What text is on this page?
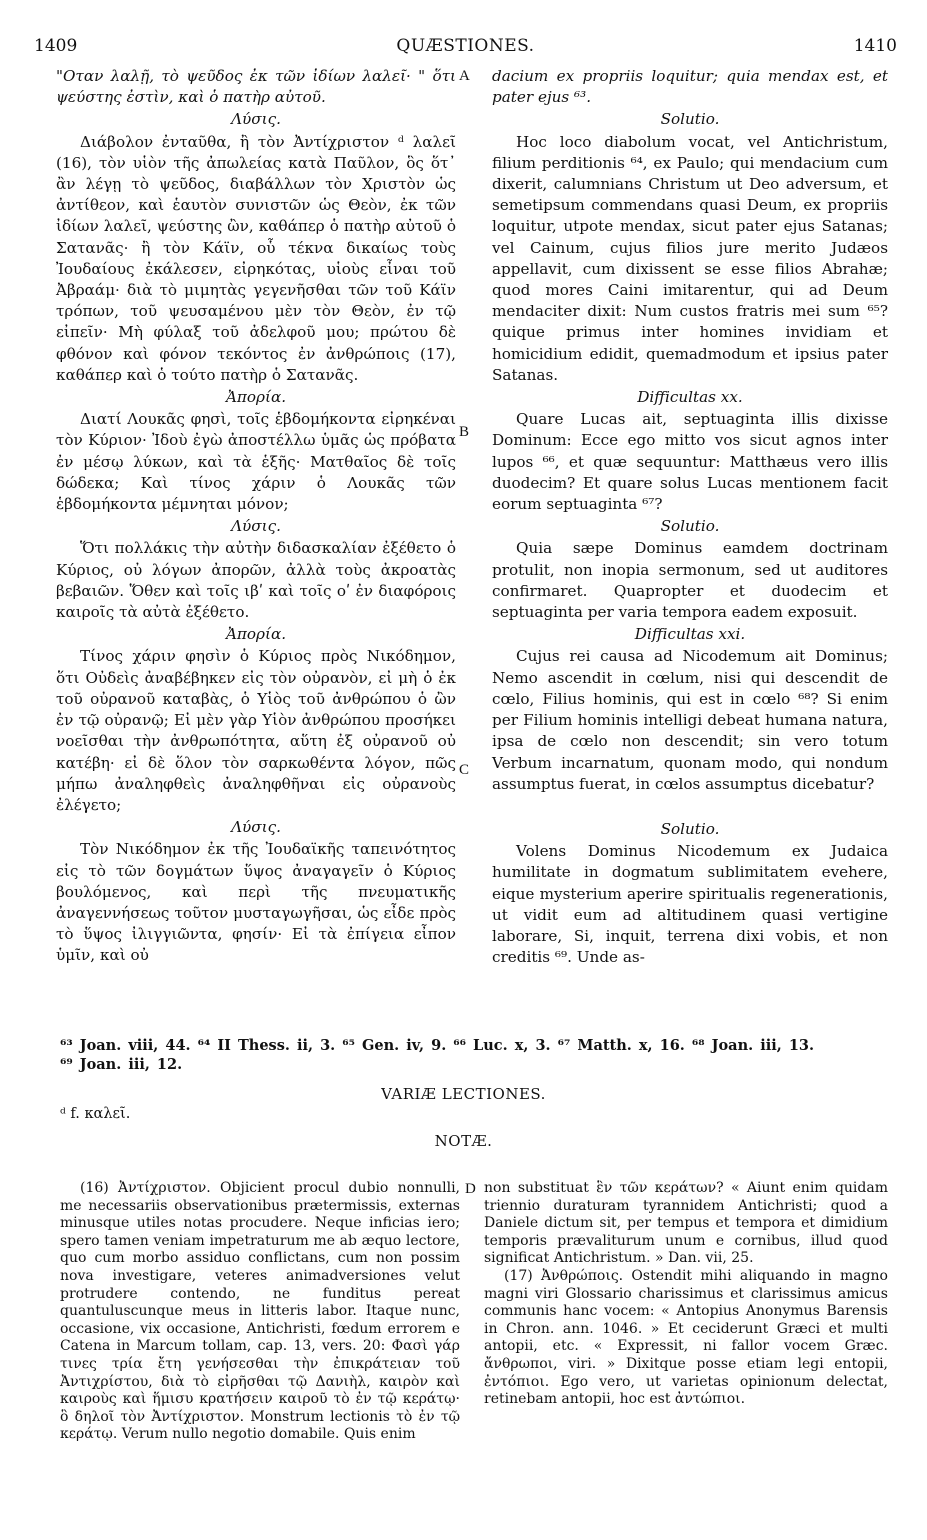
1409	QUÆSTIONES.	1410

"Οταν λαλῇ, τὸ ψεῦδος ἐκ τῶν ἰδίων λαλεῖ· " ὅτι ψεύστης ἐστὶν, καὶ ὁ πατὴρ αὐτοῦ.

Λύσις.

Διάβολον ἐνταῦθα, ἢ τὸν Ἀντίχριστον ᵈ λαλεῖ (16), τὸν υἱὸν τῆς ἀπωλείας κατὰ Παῦλον, ὃς ὅτ᾽ ἂν λέγῃ τὸ ψεῦδος, διαβάλλων τὸν Χριστὸν ὡς ἀντίθεον, καὶ ἑαυτὸν συνιστῶν ὡς Θεὸν, ἐκ τῶν ἰδίων λαλεῖ, ψεύστης ὢν, καθάπερ ὁ πατὴρ αὐτοῦ ὁ Σατανᾶς· ἢ τὸν Κάϊν, οὗ τέκνα δικαίως τοὺς Ἰουδαίους ἐκάλεσεν, εἰρηκότας, υἱοὺς εἶναι τοῦ Ἀβραάμ· διὰ τὸ μιμητὰς γεγενῆσθαι τῶν τοῦ Κάϊν τρόπων, τοῦ ψευσαμένου μὲν τὸν Θεὸν, ἐν τῷ εἰπεῖν· Μὴ φύλαξ τοῦ ἀδελφοῦ μου; πρώτου δὲ φθόνον καὶ φόνον τεκόντος ἐν ἀνθρώποις (17), καθάπερ καὶ ὁ τούτο πατὴρ ὁ Σατανᾶς.

Ἀπορία.

Διατί Λουκᾶς φησὶ, τοῖς ἑβδομήκοντα εἰρηκέναι τὸν Κύριον· Ἰδοὺ ἐγὼ ἀποστέλλω ὑμᾶς ὡς πρόβατα ἐν μέσῳ λύκων, καὶ τὰ ἑξῆς· Ματθαῖος δὲ τοῖς δώδεκα; Καὶ τίνος χάριν ὁ Λουκᾶς τῶν ἑβδομήκοντα μέμνηται μόνον;

Λύσις.

Ὅτι πολλάκις τὴν αὐτὴν διδασκαλίαν ἐξέθετο ὁ Κύριος, οὐ λόγων ἀπορῶν, ἀλλὰ τοὺς ἀκροατὰς βεβαιῶν. Ὅθεν καὶ τοῖς ιβʹ καὶ τοῖς οʹ ἐν διαφόροις καιροῖς τὰ αὐτὰ ἐξέθετο.

Ἀπορία.

Τίνος χάριν φησὶν ὁ Κύριος πρὸς Νικόδημον, ὅτι Οὐδεὶς ἀναβέβηκεν εἰς τὸν οὐρανὸν, εἰ μὴ ὁ ἐκ τοῦ οὐρανοῦ καταβὰς, ὁ Υἱὸς τοῦ ἀνθρώπου ὁ ὢν ἐν τῷ οὐρανῷ; Εἰ μὲν γὰρ Υἱὸν ἀνθρώπου προσήκει νοεῖσθαι τὴν ἀνθρωπότητα, αὕτη ἐξ οὐρανοῦ οὐ κατέβη· εἰ δὲ ὅλον τὸν σαρκωθέντα λόγον, πῶς μήπω ἀναληφθεὶς ἀναληφθῆναι εἰς οὐρανοὺς ἐλέγετο;

Λύσις.

Τὸν Νικόδημον ἐκ τῆς Ἰουδαϊκῆς ταπεινότητος εἰς τὸ τῶν δογμάτων ὕψος ἀναγαγεῖν ὁ Κύριος βουλόμενος, καὶ περὶ τῆς πνευματικῆς ἀναγεννήσεως τοῦτον μυσταγωγῆσαι, ὡς εἶδε πρὸς τὸ ὕψος ἰλιγγιῶντα, φησίν· Εἰ τὰ ἐπίγεια εἶπον ὑμῖν, καὶ οὐ

A
B
C

dacium ex propriis loquitur; quia mendax est, et pater ejus ⁶³.

Solutio.

Hoc loco diabolum vocat, vel Antichristum, filium perditionis ⁶⁴, ex Paulo; qui mendacium cum dixerit, calumnians Christum ut Deo adversum, et semetipsum commendans quasi Deum, ex propriis loquitur, utpote mendax, sicut pater ejus Satanas; vel Cainum, cujus filios jure merito Judæos appellavit, cum dixissent se esse filios Abrahæ; quod mores Caini imitarentur, qui ad Deum mendaciter dixit: Num custos fratris mei sum ⁶⁵? quique primus inter homines invidiam et homicidium edidit, quemadmodum et ipsius pater Satanas.

Difficultas xx.

Quare Lucas ait, septuaginta illis dixisse Dominum: Ecce ego mitto vos sicut agnos inter lupos ⁶⁶, et quæ sequuntur: Matthæus vero illis duodecim? Et quare solus Lucas mentionem facit eorum septuaginta ⁶⁷?

Solutio.

Quia sæpe Dominus eamdem doctrinam protulit, non inopia sermonum, sed ut auditores confirmaret. Quapropter et duodecim et septuaginta per varia tempora eadem exposuit.

Difficultas xxi.

Cujus rei causa ad Nicodemum ait Dominus; Nemo ascendit in cœlum, nisi qui descendit de cœlo, Filius hominis, qui est in cœlo ⁶⁸? Si enim per Filium hominis intelligi debeat humana natura, ipsa de cœlo non descendit; sin vero totum Verbum incarnatum, quonam modo, qui nondum assumptus fuerat, in cœlos assumptus dicebatur?

Solutio.

Volens Dominus Nicodemum ex Judaica humilitate in dogmatum sublimitatem evehere, eique mysterium aperire spiritualis regenerationis, ut vidit eum ad altitudinem quasi vertigine laborare, Si, inquit, terrena dixi vobis, et non creditis ⁶⁹. Unde as-

⁶³ Joan. viii, 44. ⁶⁴ II Thess. ii, 3. ⁶⁵ Gen. iv, 9. ⁶⁶ Luc. x, 3. ⁶⁷ Matth. x, 16. ⁶⁸ Joan. iii, 13.
⁶⁹ Joan. iii, 12.
VARIÆ LECTIONES.
ᵈ f. καλεῖ.
NOTÆ.

(16) Ἀντίχριστον. Objicient procul dubio nonnulli, me necessariis observationibus prætermissis, externas minusque utiles notas procudere. Neque inficias iero; spero tamen veniam impetraturum me ab æquo lectore, quo cum morbo assiduo conflictans, cum non possim nova investigare, veteres animadversiones velut protrudere contendo, ne funditus pereat quantuluscunque meus in litteris labor. Itaque nunc, occasione, vix occasione, Antichristi, fœdum errorem e Catena in Marcum tollam, cap. 13, vers. 20: Φασὶ γάρ τινες τρία ἔτη γενήσεσθαι τὴν ἐπικράτειαν τοῦ Ἀντιχρίστου, διὰ τὸ εἰρῆσθαι τῷ Δανιὴλ, καιρὸν καὶ καιροὺς καὶ ἥμισυ κρατήσειν καιροῦ τὸ ἐν τῷ κεράτῳ· ὃ δηλοῖ τὸν Ἀντίχριστον. Monstrum lectionis τὸ ἐν τῷ κεράτῳ. Verum nullo negotio domabile. Quis enim

D non substituat ἓν τῶν κεράτων? « Aiunt enim quidam triennio duraturam tyrannidem Antichristi; quod a Daniele dictum sit, per tempus et tempora et dimidium temporis prævaliturum unum e cornibus, illud quod significat Antichristum. » Dan. vii, 25.

(17) Ἀνθρώποις. Ostendit mihi aliquando in magno magni viri Glossario charissimus et clarissimus amicus communis hanc vocem: « Antopius Anonymus Barensis in Chron. ann. 1046. » Et ceciderunt Græci et multi antopii, etc. « Expressit, ni fallor vocem Græc. ἄνθρωποι, viri. » Dixitque posse etiam legi entopii, ἐντόπιοι. Ego vero, ut varietas opinionum delectat, retinebam antopii, hoc est ἀντώπιοι.
